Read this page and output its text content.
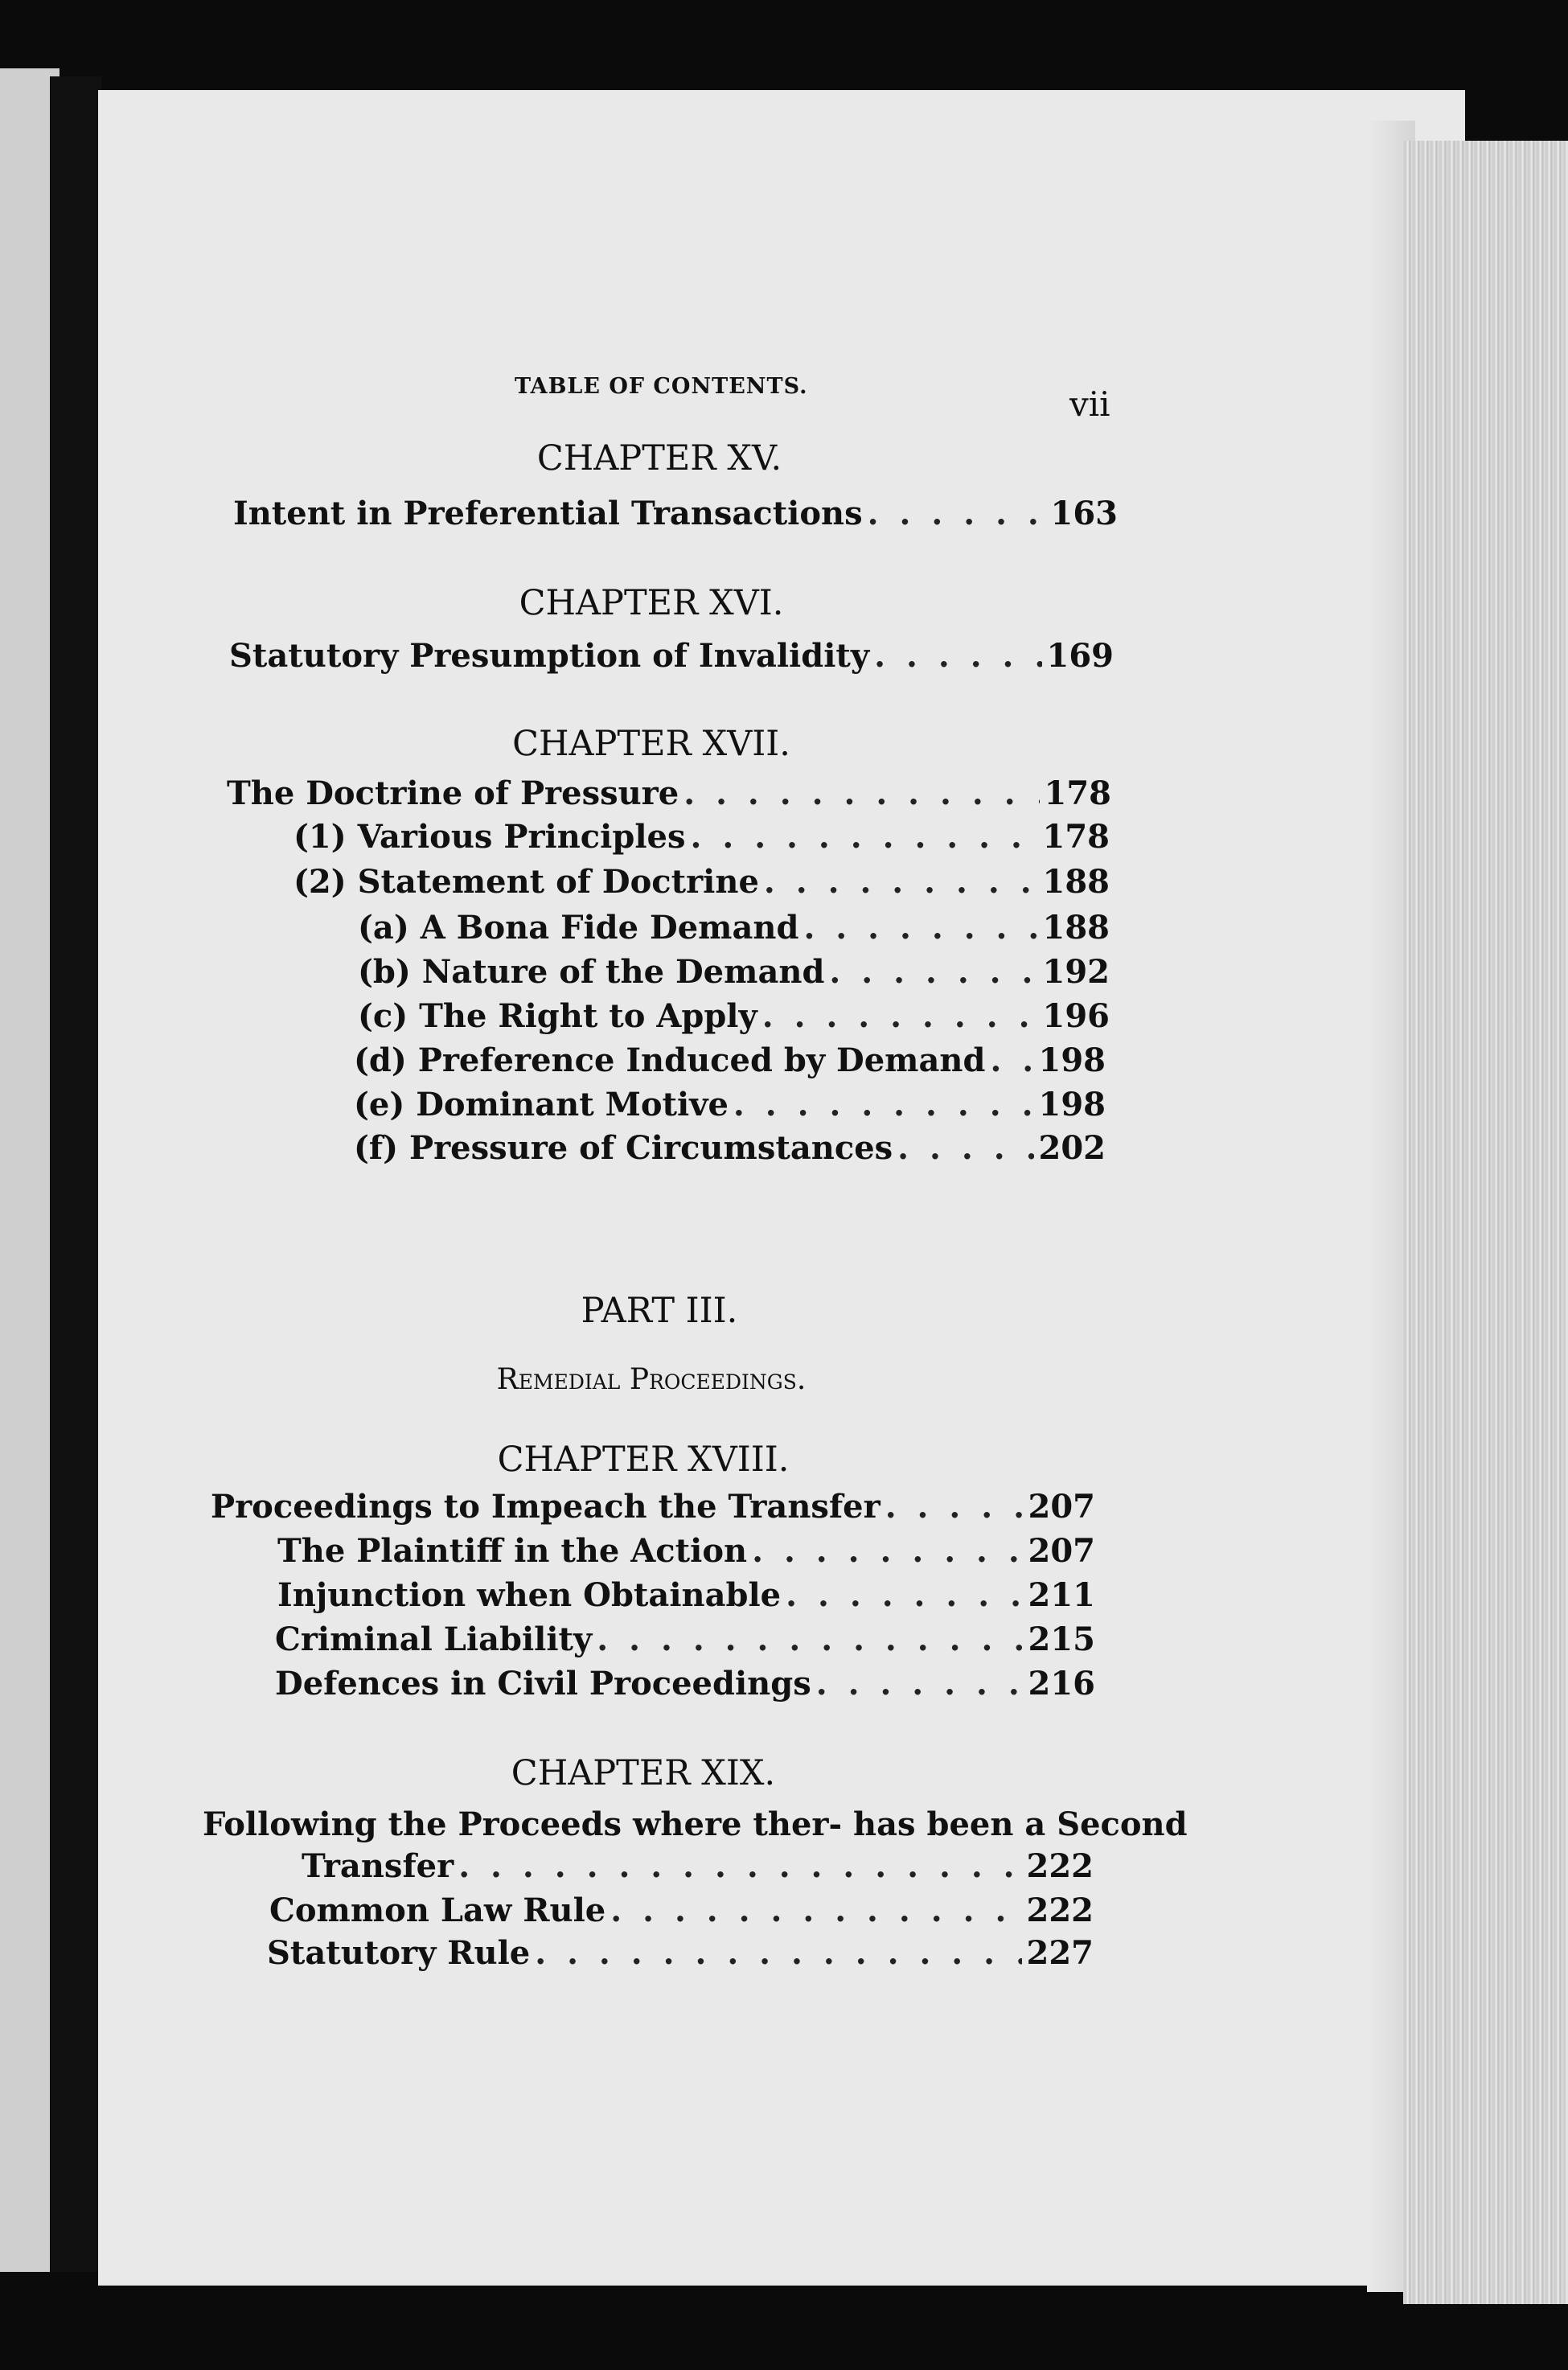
TABLE OF CONTENTS.	vii
CHAPTER XV.
Intent in Preferential Transactions . . .	163
CHAPTER XVI.
Statutory Presumption of Invalidity . . .	169
CHAPTER XVII.
The Doctrine of Pressure . . .	178
(1) Various Principles . . .	178
(2) Statement of Doctrine . . .	188
(a) A Bona Fide Demand . . .	188
(b) Nature of the Demand . . .	192
(c) The Right to Apply . . .	196
(d) Preference Induced by Demand . . . 198
(e) Dominant Motive . . .	198
(f) Pressure of Circumstances . . .	202
PART III.
Remedial Proceedings.
CHAPTER XVIII.
Proceedings to Impeach the Transfer . . .	207
The Plaintiff in the Action . . .	207
Injunction when Obtainable . . .	211
Criminal Liability . . .	215
Defences in Civil Proceedings . . .	216
CHAPTER XIX.
Following the Proceeds where ther- has been a Second
Transfer . . .	222
Common Law Rule . . .	222
Statutory Rule . . .	227
